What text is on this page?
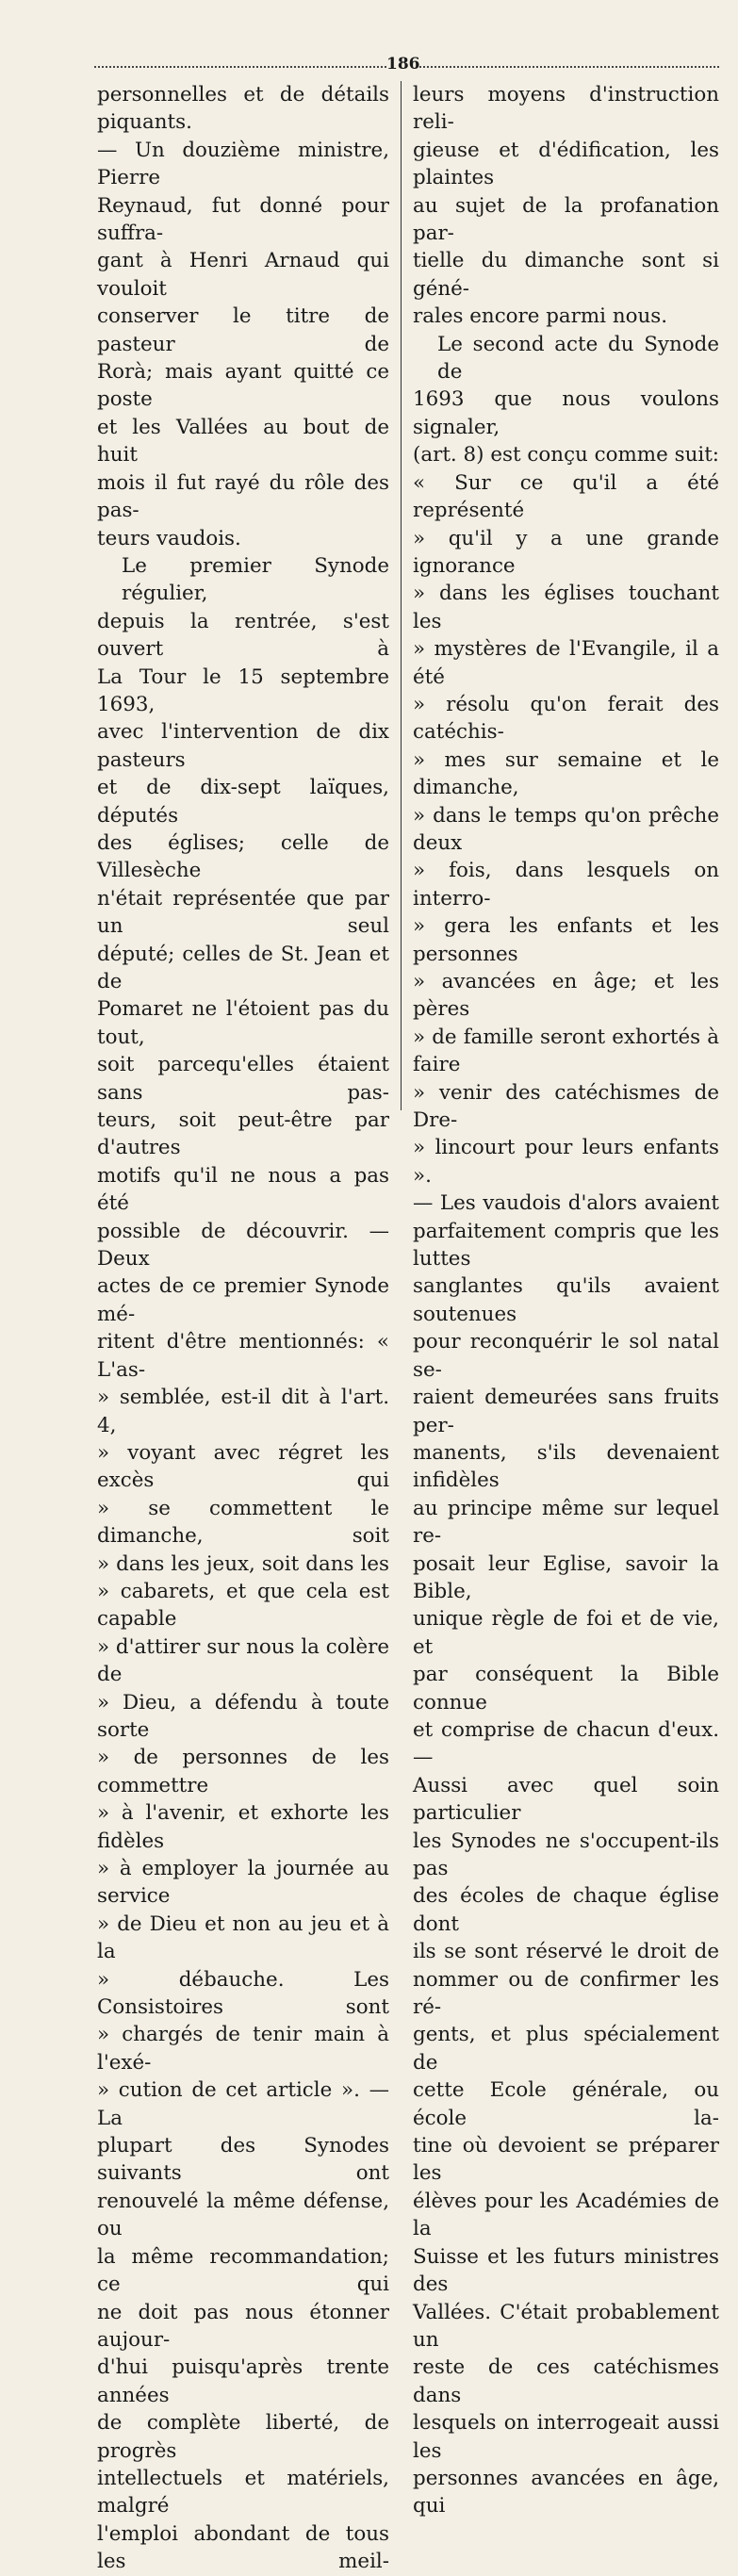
186
personnelles et de détails piquants.
— Un douzième ministre, Pierre
Reynaud, fut donné pour suffra-
gant à Henri Arnaud qui vouloit
conserver le titre de pasteur de
Rorà; mais ayant quitté ce poste
et les Vallées au bout de huit
mois il fut rayé du rôle des pas-
teurs vaudois.
Le premier Synode régulier,
depuis la rentrée, s'est ouvert à
La Tour le 15 septembre 1693,
avec l'intervention de dix pasteurs
et de dix-sept laïques, députés
des églises; celle de Villesèche
n'était représentée que par un seul
député; celles de St. Jean et de
Pomaret ne l'étoient pas du tout,
soit parcequ'elles étaient sans pas-
teurs, soit peut-être par d'autres
motifs qu'il ne nous a pas été
possible de découvrir. — Deux
actes de ce premier Synode mé-
ritent d'être mentionnés: « L'as-
» semblée, est-il dit à l'art. 4,
» voyant avec régret les excès qui
» se commettent le dimanche, soit
» dans les jeux, soit dans les
» cabarets, et que cela est capable
» d'attirer sur nous la colère de
» Dieu, a défendu à toute sorte
» de personnes de les commettre
» à l'avenir, et exhorte les fidèles
» à employer la journée au service
» de Dieu et non au jeu et à la
» débauche. Les Consistoires sont
» chargés de tenir main à l'exé-
» cution de cet article ». — La
plupart des Synodes suivants ont
renouvelé la même défense, ou
la même recommandation; ce qui
ne doit pas nous étonner aujour-
d'hui puisqu'après trente années
de complète liberté, de progrès
intellectuels et matériels, malgré
l'emploi abondant de tous les meil-
leurs moyens d'instruction reli-
gieuse et d'édification, les plaintes
au sujet de la profanation par-
tielle du dimanche sont si géné-
rales encore parmi nous.
Le second acte du Synode de
1693 que nous voulons signaler,
(art. 8) est conçu comme suit:
« Sur ce qu'il a été représenté
» qu'il y a une grande ignorance
» dans les églises touchant les
» mystères de l'Evangile, il a été
» résolu qu'on ferait des catéchis-
» mes sur semaine et le dimanche,
» dans le temps qu'on prêche deux
» fois, dans lesquels on interro-
» gera les enfants et les personnes
» avancées en âge; et les pères
» de famille seront exhortés à faire
» venir des catéchismes de Dre-
» lincourt pour leurs enfants ».
— Les vaudois d'alors avaient
parfaitement compris que les luttes
sanglantes qu'ils avaient soutenues
pour reconquérir le sol natal se-
raient demeurées sans fruits per-
manents, s'ils devenaient infidèles
au principe même sur lequel re-
posait leur Eglise, savoir la Bible,
unique règle de foi et de vie, et
par conséquent la Bible connue
et comprise de chacun d'eux. —
Aussi avec quel soin particulier
les Synodes ne s'occupent-ils pas
des écoles de chaque église dont
ils se sont réservé le droit de
nommer ou de confirmer les ré-
gents, et plus spécialement de
cette Ecole générale, ou école la-
tine où devoient se préparer les
élèves pour les Académies de la
Suisse et les futurs ministres des
Vallées. C'était probablement un
reste de ces catéchismes dans
lesquels on interrogeait aussi les
personnes avancées en âge, qui
